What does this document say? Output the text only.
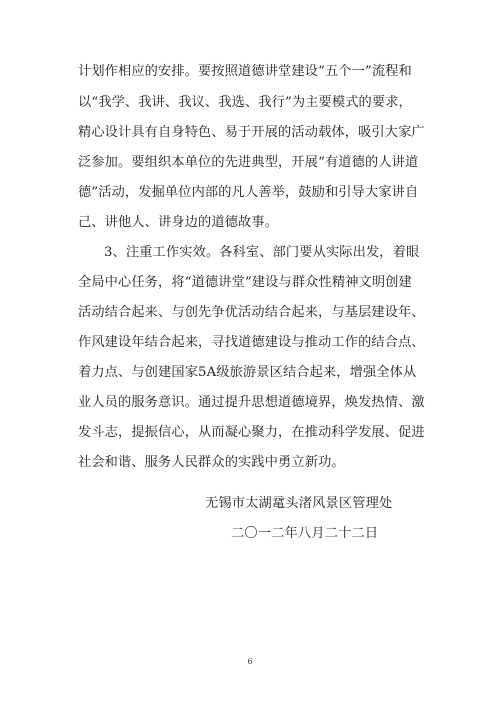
计划作相应的安排。要按照道德讲堂建设“五个一”流程和
以“我学、我讲、我议、我选、我行”为主要模式的要求，
精心设计具有自身特色、易于开展的活动载体，吸引大家广
泛参加。要组织本单位的先进典型，开展“有道德的人讲道
德”活动，发掘单位内部的凡人善举，鼓励和引导大家讲自
己、讲他人、讲身边的道德故事。
3、注重工作实效。各科室、部门要从实际出发，着眼
全局中心任务，将“道德讲堂”建设与群众性精神文明创建
活动结合起来、与创先争优活动结合起来，与基层建设年、
作风建设年结合起来，寻找道德建设与推动工作的结合点、
着力点、与创建国家5A级旅游景区结合起来，增强全体从
业人员的服务意识。通过提升思想道德境界，焕发热情、激
发斗志，提振信心，从而凝心聚力，在推动科学发展、促进
社会和谐、服务人民群众的实践中勇立新功。
无锡市太湖鼋头渚风景区管理处
二〇一二年八月二十二日
6
